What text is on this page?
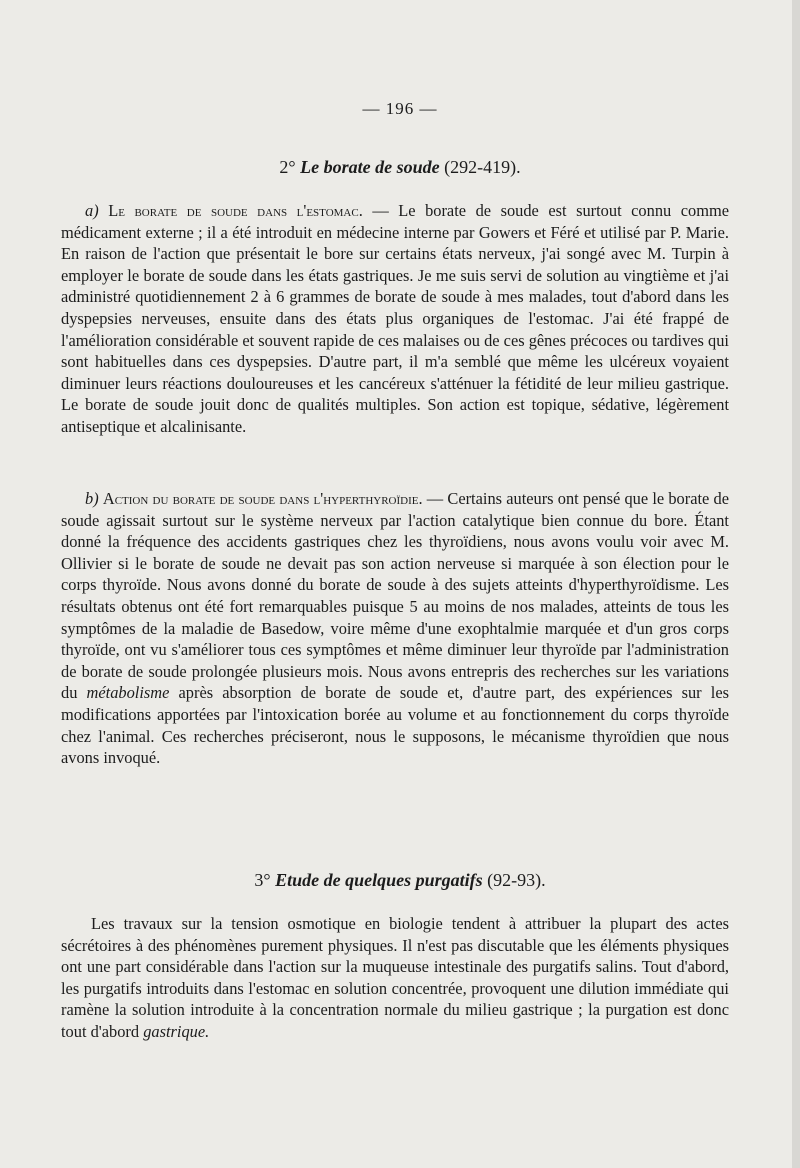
— 196 —
2° Le borate de soude (292-419).

a) Le borate de soude dans l'estomac. — Le borate de soude est surtout connu comme médicament externe ; il a été introduit en médecine interne par Gowers et Féré et utilisé par P. Marie. En raison de l'action que présentait le bore sur certains états nerveux, j'ai songé avec M. Turpin à employer le borate de soude dans les états gastriques. Je me suis servi de solution au vingtième et j'ai administré quotidiennement 2 à 6 grammes de borate de soude à mes malades, tout d'abord dans les dyspepsies nerveuses, ensuite dans des états plus organiques de l'estomac. J'ai été frappé de l'amélioration considérable et souvent rapide de ces malaises ou de ces gênes précoces ou tardives qui sont habituelles dans ces dyspepsies. D'autre part, il m'a semblé que même les ulcéreux voyaient diminuer leurs réactions douloureuses et les cancéreux s'atténuer la fétidité de leur milieu gastrique. Le borate de soude jouit donc de qualités multiples. Son action est topique, sédative, légèrement antiseptique et alcalinisante.

b) Action du borate de soude dans l'hyperthyroïdie. — Certains auteurs ont pensé que le borate de soude agissait surtout sur le système nerveux par l'action catalytique bien connue du bore. Étant donné la fréquence des accidents gastriques chez les thyroïdiens, nous avons voulu voir avec M. Ollivier si le borate de soude ne devait pas son action nerveuse si marquée à son élection pour le corps thyroïde. Nous avons donné du borate de soude à des sujets atteints d'hyperthyroïdisme. Les résultats obtenus ont été fort remarquables puisque 5 au moins de nos malades, atteints de tous les symptômes de la maladie de Basedow, voire même d'une exophtalmie marquée et d'un gros corps thyroïde, ont vu s'améliorer tous ces symptômes et même diminuer leur thyroïde par l'administration de borate de soude prolongée plusieurs mois. Nous avons entrepris des recherches sur les variations du métabolisme après absorption de borate de soude et, d'autre part, des expériences sur les modifications apportées par l'intoxication borée au volume et au fonctionnement du corps thyroïde chez l'animal. Ces recherches préciseront, nous le supposons, le mécanisme thyroïdien que nous avons invoqué.

3° Etude de quelques purgatifs (92-93).

Les travaux sur la tension osmotique en biologie tendent à attribuer la plupart des actes sécrétoires à des phénomènes purement physiques. Il n'est pas discutable que les éléments physiques ont une part considérable dans l'action sur la muqueuse intestinale des purgatifs salins. Tout d'abord, les purgatifs introduits dans l'estomac en solution concentrée, provoquent une dilution immédiate qui ramène la solution introduite à la concentration normale du milieu gastrique ; la purgation est donc tout d'abord gastrique.
